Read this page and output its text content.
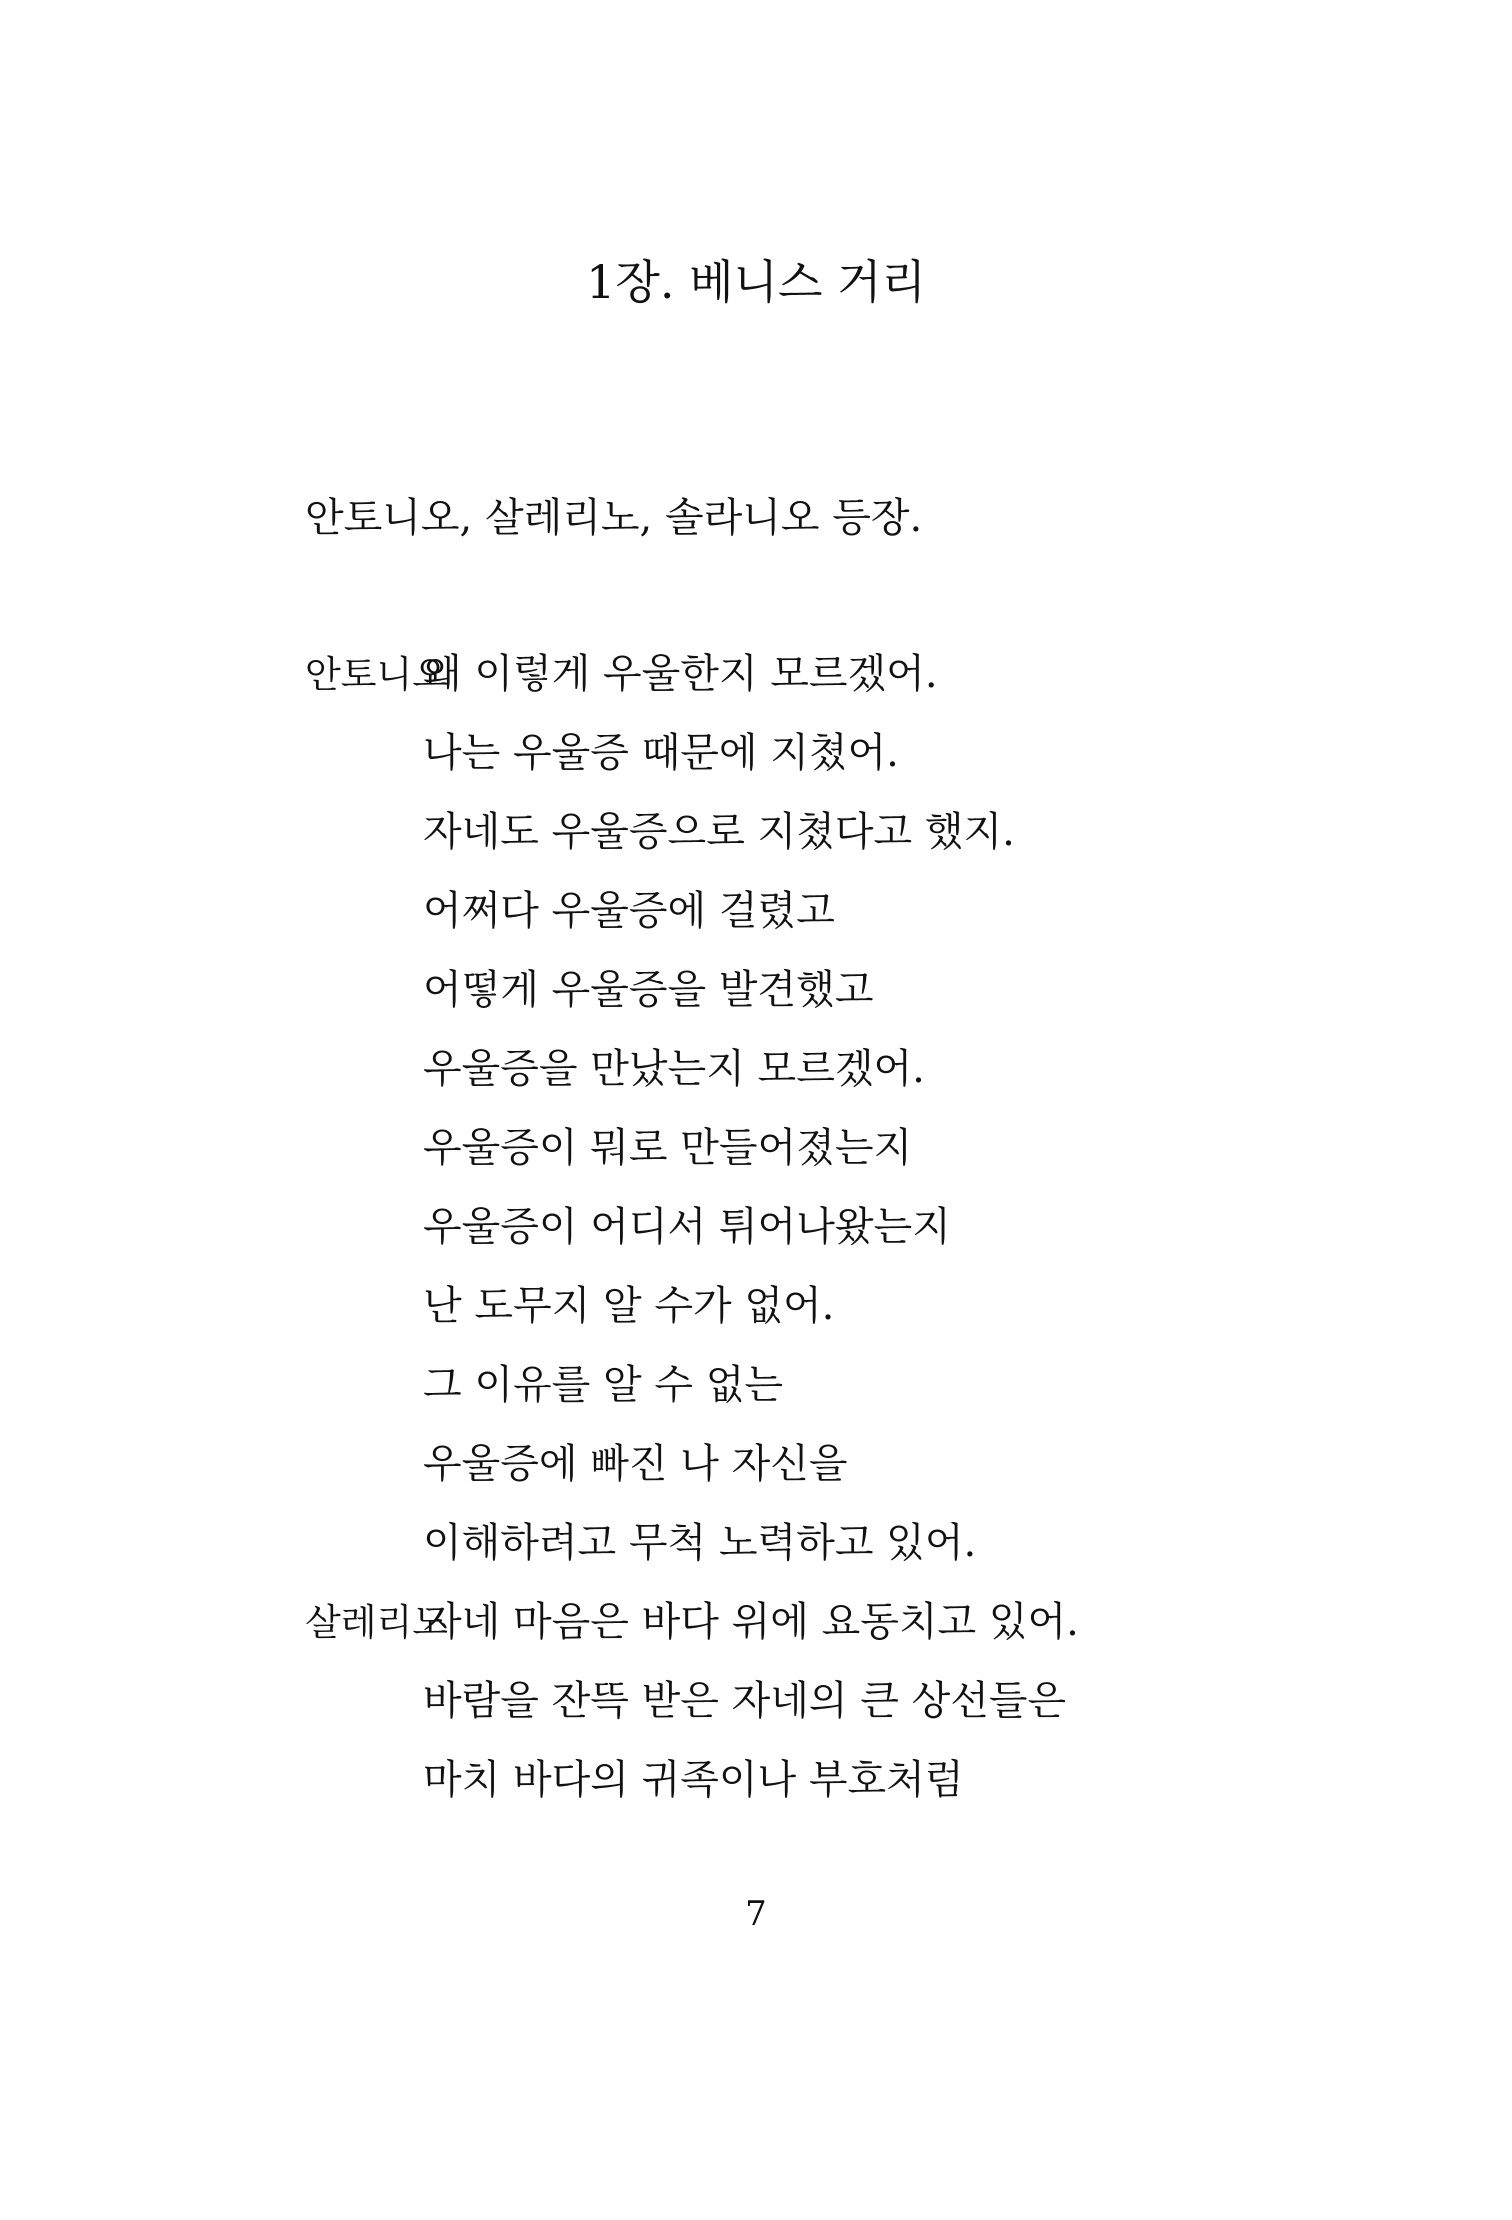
1장. 베니스 거리
안토니오, 살레리노, 솔라니오 등장.
안토니오왜 이렇게 우울한지 모르겠어.
나는 우울증 때문에 지쳤어.
자네도 우울증으로 지쳤다고 했지.
어쩌다 우울증에 걸렸고
어떻게 우울증을 발견했고
우울증을 만났는지 모르겠어.
우울증이 뭐로 만들어졌는지
우울증이 어디서 튀어나왔는지
난 도무지 알 수가 없어.
그 이유를 알 수 없는
우울증에 빠진 나 자신을
이해하려고 무척 노력하고 있어.
살레리노자네 마음은 바다 위에 요동치고 있어.
바람을 잔뜩 받은 자네의 큰 상선들은
마치 바다의 귀족이나 부호처럼
7
